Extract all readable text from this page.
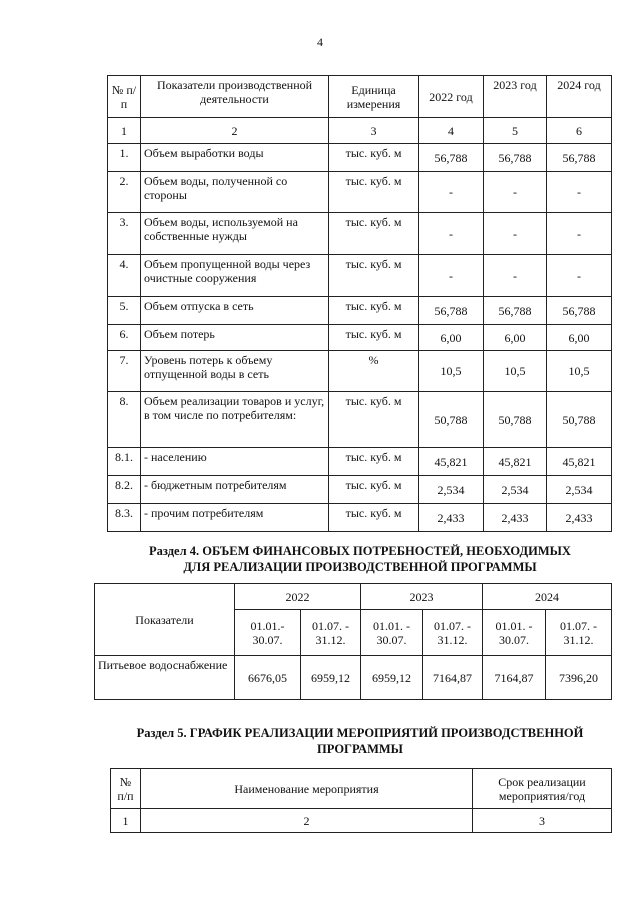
4
№ п/п	Показатели производственной деятельности	Единица измерения	2022 год	2023 год	2024 год
1	2	3	4	5	6
1.	Объем выработки воды	тыс. куб. м	56,788	56,788	56,788
2.	Объем воды, полученной со стороны	тыс. куб. м	-	-	-
3.	Объем воды, используемой на собственные нужды	тыс. куб. м	-	-	-
4.	Объем пропущенной воды через очистные сооружения	тыс. куб. м	-	-	-
5.	Объем отпуска в сеть	тыс. куб. м	56,788	56,788	56,788
6.	Объем потерь	тыс. куб. м	6,00	6,00	6,00
7.	Уровень потерь к объему отпущенной воды в сеть	%	10,5	10,5	10,5
8.	Объем реализации товаров и услуг, в том числе по потребителям:	тыс. куб. м	50,788	50,788	50,788
8.1.	- населению	тыс. куб. м	45,821	45,821	45,821
8.2.	- бюджетным потребителям	тыс. куб. м	2,534	2,534	2,534
8.3.	- прочим потребителям	тыс. куб. м	2,433	2,433	2,433
Раздел 4. ОБЪЕМ ФИНАНСОВЫХ ПОТРЕБНОСТЕЙ, НЕОБХОДИМЫХ
ДЛЯ РЕАЛИЗАЦИИ ПРОИЗВОДСТВЕННОЙ ПРОГРАММЫ
Показатели	2022		2023		2024	
	01.01.- 30.07.	01.07. - 31.12.	01.01. - 30.07.	01.07. - 31.12.	01.01. - 30.07.	01.07. - 31.12.
Питьевое водоснабжение	6676,05	6959,12	6959,12	7164,87	7164,87	7396,20
Раздел 5. ГРАФИК РЕАЛИЗАЦИИ МЕРОПРИЯТИЙ ПРОИЗВОДСТВЕННОЙ
ПРОГРАММЫ
№ п/п	Наименование мероприятия	Срок реализации мероприятия/год
1	2	3
